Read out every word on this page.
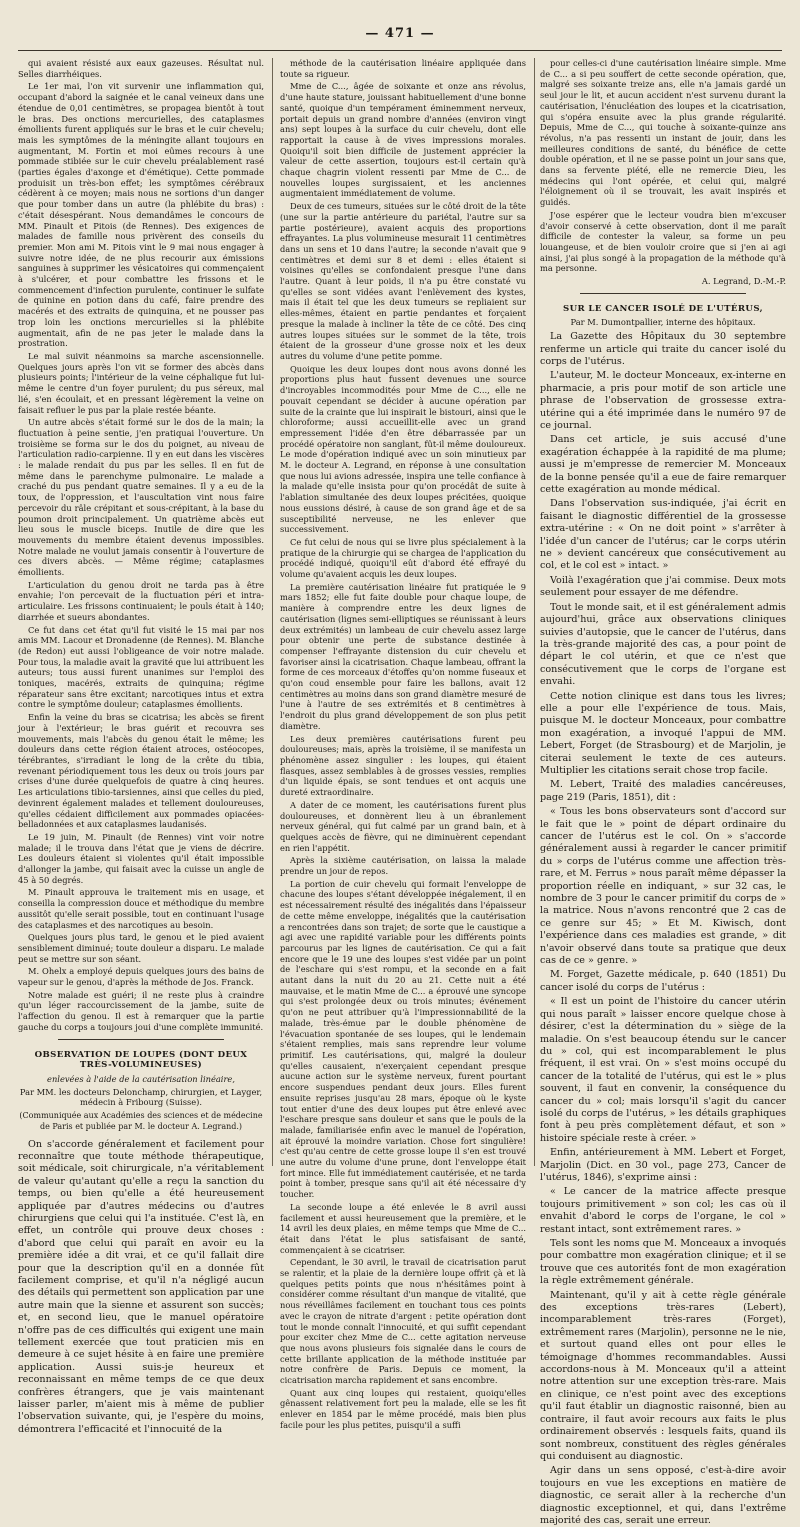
— 471 —

qui avaient résisté aux eaux gazeuses. Résultat nul. Selles diarrhéiques.

Le 1er mai, l'on vit survenir une inflammation qui, occupant d'abord la saignée et le canal veineux dans une étendue de 0,01 centimètres, se propagea bientôt à tout le bras. Des onctions mercurielles, des cataplasmes émollients furent appliqués sur le bras et le cuir chevelu; mais les symptômes de la méningite allant toujours en augmentant, M. Fortin et moi eûmes recours à une pommade stibiée sur le cuir chevelu préalablement rasé (parties égales d'axonge et d'émétique). Cette pommade produisit un très-bon effet; les symptômes cérébraux cédèrent à ce moyen; mais nous ne sortions d'un danger que pour tomber dans un autre (la phlébite du bras) : c'était désespérant. Nous demandâmes le concours de MM. Pinault et Pitois (de Rennes). Des exigences de malades de famille nous privèrent des conseils du premier. Mon ami M. Pitois vint le 9 mai nous engager à suivre notre idée, de ne plus recourir aux émissions sanguines à supprimer les vésicatoires qui commençaient à s'ulcérer, et pour combattre les frissons et le commencement d'infection purulente, continuer le sulfate de quinine en potion dans du café, faire prendre des macérés et des extraits de quinquina, et ne pousser pas trop loin les onctions mercurielles si la phlébite augmentait, afin de ne pas jeter le malade dans la prostration.

Le mal suivit néanmoins sa marche ascensionnelle. Quelques jours après l'on vit se former des abcès dans plusieurs points; l'intérieur de la veine céphalique fut lui-même le centre d'un foyer purulent; du pus séreux, mal lié, s'en écoulait, et en pressant légèrement la veine on faisait refluer le pus par la plaie restée béante.

Un autre abcès s'était formé sur le dos de la main; la fluctuation à peine sentie, j'en pratiquai l'ouverture. Un troisième se forma sur le dos du poignet, au niveau de l'articulation radio-carpienne. Il y en eut dans les viscères : le malade rendait du pus par les selles. Il en fut de même dans le parenchyme pulmonaire. Le malade a craché du pus pendant quatre semaines. Il y a eu de la toux, de l'oppression, et l'auscultation vint nous faire percevoir du râle crépitant et sous-crépitant, à la base du poumon droit principalement. Un quatrième abcès eut lieu sous le muscle biceps. Inutile de dire que les mouvements du membre étaient devenus impossibles. Notre malade ne voulut jamais consentir à l'ouverture de ces divers abcès. — Même régime; cataplasmes émollients.

L'articulation du genou droit ne tarda pas à être envahie; l'on percevait de la fluctuation péri et intra-articulaire. Les frissons continuaient; le pouls était à 140; diarrhée et sueurs abondantes.

Ce fut dans cet état qu'il fut visité le 15 mai par nos amis MM. Lacour et Dronadenne (de Rennes). M. Blanche (de Redon) eut aussi l'obligeance de voir notre malade. Pour tous, la maladie avait la gravité que lui attribuent les auteurs; tous aussi furent unanimes sur l'emploi des toniques, macérés, extraits de quinquina; régime réparateur sans être excitant; narcotiques intus et extra contre le symptôme douleur; cataplasmes émollients.

Enfin la veine du bras se cicatrisa; les abcès se firent jour à l'extérieur; le bras guérit et recouvra ses mouvements, mais l'abcès du genou était le même; les douleurs dans cette région étaient atroces, ostéocopes, térébrantes, s'irradiant le long de la crête du tibia, revenant périodiquement tous les deux ou trois jours par crises d'une durée quelquefois de quatre à cinq heures. Les articulations tibio-tarsiennes, ainsi que celles du pied, devinrent également malades et tellement douloureuses, qu'elles cédaient difficilement aux pommades opiacées-belladonnées et aux cataplasmes laudanisés.

Le 19 juin, M. Pinault (de Rennes) vint voir notre malade; il le trouva dans l'état que je viens de décrire. Les douleurs étaient si violentes qu'il était impossible d'allonger la jambe, qui faisait avec la cuisse un angle de 45 à 50 degrés.

M. Pinault approuva le traitement mis en usage, et conseilla la compression douce et méthodique du membre aussitôt qu'elle serait possible, tout en continuant l'usage des cataplasmes et des narcotiques au besoin.

Quelques jours plus tard, le genou et le pied avaient sensiblement diminué; toute douleur a disparu. Le malade peut se mettre sur son séant.

M. Ohelx a employé depuis quelques jours des bains de vapeur sur le genou, d'après la méthode de Jos. Franck.

Notre malade est guéri; il ne reste plus à craindre qu'un léger raccourcissement de la jambe, suite de l'affection du genou. Il est à remarquer que la partie gauche du corps a toujours joui d'une complète immunité.

OBSERVATION DE LOUPES (DONT DEUX TRÈS-VOLUMINEUSES)

enlevées à l'aide de la cautérisation linéaire,

Par MM. les docteurs Delonchamp, chirurgien, et Layger, médecin à Fribourg (Suisse).

(Communiquée aux Académies des sciences et de médecine de Paris et publiée par M. le docteur A. Legrand.)

On s'accorde généralement et facilement pour reconnaître que toute méthode thérapeutique, soit médicale, soit chirurgicale, n'a véritablement de valeur qu'autant qu'elle a reçu la sanction du temps, ou bien qu'elle a été heureusement appliquée par d'autres médecins ou d'autres chirurgiens que celui qui l'a instituée. C'est là, en effet, un contrôle qui prouve deux choses : d'abord que celui qui paraît en avoir eu la première idée a dit vrai, et ce qu'il fallait dire pour que la description qu'il en a donnée fût facilement comprise, et qu'il n'a négligé aucun des détails qui permettent son application par une autre main que la sienne et assurent son succès; et, en second lieu, que le manuel opératoire n'offre pas de ces difficultés qui exigent une main tellement exercée que tout praticien mis en demeure à ce sujet hésite à en faire une première application. Aussi suis-je heureux et reconnaissant en même temps de ce que deux confrères étrangers, que je vais maintenant laisser parler, m'aient mis à même de publier l'observation suivante, qui, je l'espère du moins, démontrera l'efficacité et l'innocuité de la

méthode de la cautérisation linéaire appliquée dans toute sa rigueur.

Mme de C..., âgée de soixante et onze ans révolus, d'une haute stature, jouissant habituellement d'une bonne santé, quoique d'un tempérament éminemment nerveux, portait depuis un grand nombre d'années (environ vingt ans) sept loupes à la surface du cuir chevelu, dont elle rapportait la cause à de vives impressions morales. Quoiqu'il soit bien difficile de justement apprécier la valeur de cette assertion, toujours est-il certain qu'à chaque chagrin violent ressenti par Mme de C... de nouvelles loupes surgissaient, et les anciennes augmentaient immédiatement de volume.

Deux de ces tumeurs, situées sur le côté droit de la tête (une sur la partie antérieure du pariétal, l'autre sur sa partie postérieure), avaient acquis des proportions effrayantes. La plus volumineuse mesurait 11 centimètres dans un sens et 10 dans l'autre; la seconde n'avait que 9 centimètres et demi sur 8 et demi : elles étaient si voisines qu'elles se confondaient presque l'une dans l'autre. Quant à leur poids, il n'a pu être constaté vu qu'elles se sont vidées avant l'enlèvement des kystes, mais il était tel que les deux tumeurs se repliaient sur elles-mêmes, étaient en partie pendantes et forçaient presque la malade à incliner la tête de ce côté. Des cinq autres loupes situées sur le sommet de la tête, trois étaient de la grosseur d'une grosse noix et les deux autres du volume d'une petite pomme.

Quoique les deux loupes dont nous avons donné les proportions plus haut fussent devenues une source d'incroyables incommodités pour Mme de C..., elle ne pouvait cependant se décider à aucune opération par suite de la crainte que lui inspirait le bistouri, ainsi que le chloroforme; aussi accueillit-elle avec un grand empressement l'idée d'en être débarrassée par un procédé opératoire non sanglant, fût-il même douloureux. Le mode d'opération indiqué avec un soin minutieux par M. le docteur A. Legrand, en réponse à une consultation que nous lui avions adressée, inspira une telle confiance à la malade qu'elle insista pour qu'on procédât de suite à l'ablation simultanée des deux loupes précitées, quoique nous eussions désiré, à cause de son grand âge et de sa susceptibilité nerveuse, ne les enlever que successivement.

Ce fut celui de nous qui se livre plus spécialement à la pratique de la chirurgie qui se chargea de l'application du procédé indiqué, quoiqu'il eût d'abord été effrayé du volume qu'avaient acquis les deux loupes.

La première cautérisation linéaire fut pratiquée le 9 mars 1852; elle fut faite double pour chaque loupe, de manière à comprendre entre les deux lignes de cautérisation (lignes semi-elliptiques se réunissant à leurs deux extrémités) un lambeau de cuir chevelu assez large pour obtenir une perte de substance destinée à compenser l'effrayante distension du cuir chevelu et favoriser ainsi la cicatrisation. Chaque lambeau, offrant la forme de ces morceaux d'étoffes qu'on nomme fuseaux et qu'on coud ensemble pour faire les ballons, avait 12 centimètres au moins dans son grand diamètre mesuré de l'une à l'autre de ses extrémités et 8 centimètres à l'endroit du plus grand développement de son plus petit diamètre.

Les deux premières cautérisations furent peu douloureuses; mais, après la troisième, il se manifesta un phénomène assez singulier : les loupes, qui étaient flasques, assez semblables à de grosses vessies, remplies d'un liquide épais, se sont tendues et ont acquis une dureté extraordinaire.

A dater de ce moment, les cautérisations furent plus douloureuses, et donnèrent lieu à un ébranlement nerveux général, qui fut calmé par un grand bain, et à quelques accès de fièvre, qui ne diminuèrent cependant en rien l'appétit.

Après la sixième cautérisation, on laissa la malade prendre un jour de repos.

La portion de cuir chevelu qui formait l'enveloppe de chacune des loupes s'étant développée inégalement, il en est nécessairement résulté des inégalités dans l'épaisseur de cette même enveloppe, inégalités que la cautérisation a rencontrées dans son trajet; de sorte que le caustique a agi avec une rapidité variable pour les différents points parcourus par les lignes de cautérisation. Ce qui a fait encore que le 19 une des loupes s'est vidée par un point de l'eschare qui s'est rompu, et la seconde en a fait autant dans la nuit du 20 au 21. Cette nuit a été mauvaise, et le matin Mme de C... a éprouvé une syncope qui s'est prolongée deux ou trois minutes; événement qu'on ne peut attribuer qu'à l'impressionnabilité de la malade, très-émue par le double phénomène de l'évacuation spontanée de ses loupes, qui le lendemain s'étaient remplies, mais sans reprendre leur volume primitif. Les cautérisations, qui, malgré la douleur qu'elles causaient, n'exerçaient cependant presque aucune action sur le système nerveux, furent pourtant encore suspendues pendant deux jours. Elles furent ensuite reprises jusqu'au 28 mars, époque où le kyste tout entier d'une des deux loupes put être enlevé avec l'eschare presque sans douleur et sans que le pouls de la malade, familiarisée enfin avec le manuel de l'opération, ait éprouvé la moindre variation. Chose fort singulière! c'est qu'au centre de cette grosse loupe il s'en est trouvé une autre du volume d'une prune, dont l'enveloppe était fort mince. Elle fut immédiatement cautérisée, et ne tarda point à tomber, presque sans qu'il ait été nécessaire d'y toucher.

La seconde loupe a été enlevée le 8 avril aussi facilement et aussi heureusement que la première, et le 14 avril les deux plaies, en même temps que Mme de C... était dans l'état le plus satisfaisant de santé, commençaient à se cicatriser.

Cependant, le 30 avril, le travail de cicatrisation parut se ralentir, et la plaie de la dernière loupe offrit çà et là quelques petits points que nous n'hésitâmes point à considérer comme résultant d'un manque de vitalité, que nous réveillâmes facilement en touchant tous ces points avec le crayon de nitrate d'argent : petite opération dont tout le monde connaît l'innocuité, et qui suffit cependant pour exciter chez Mme de C... cette agitation nerveuse que nous avons plusieurs fois signalée dans le cours de cette brillante application de la méthode instituée par notre confrère de Paris. Depuis ce moment, la cicatrisation marcha rapidement et sans encombre.

Quant aux cinq loupes qui restaient, quoiqu'elles gênassent relativement fort peu la malade, elle se les fit enlever en 1854 par le même procédé, mais bien plus facile pour les plus petites, puisqu'il a suffi

pour celles-ci d'une cautérisation linéaire simple. Mme de C... a si peu souffert de cette seconde opération, que, malgré ses soixante treize ans, elle n'a jamais gardé un seul jour le lit, et aucun accident n'est survenu durant la cautérisation, l'énucléation des loupes et la cicatrisation, qui s'opéra ensuite avec la plus grande régularité. Depuis, Mme de C..., qui touche à soixante-quinze ans révolus, n'a pas ressenti un instant de jouir, dans les meilleures conditions de santé, du bénéfice de cette double opération, et il ne se passe point un jour sans que, dans sa fervente piété, elle ne remercie Dieu, les médecins qui l'ont opérée, et celui qui, malgré l'éloignement où il se trouvait, les avait inspirés et guidés.

J'ose espérer que le lecteur voudra bien m'excuser d'avoir conservé à cette observation, dont il me paraît difficile de contester la valeur, sa forme un peu louangeuse, et de bien vouloir croire que si j'en ai agi ainsi, j'ai plus songé à la propagation de la méthode qu'à ma personne.

A. Legrand, D.-M.-P.

SUR LE CANCER ISOLÉ DE L'UTÉRUS,

Par M. Dumontpallier, interne des hôpitaux.

La Gazette des Hôpitaux du 30 septembre renferme un article qui traite du cancer isolé du corps de l'utérus.

L'auteur, M. le docteur Monceaux, ex-interne en pharmacie, a pris pour motif de son article une phrase de l'observation de grossesse extra-utérine qui a été imprimée dans le numéro 97 de ce journal.

Dans cet article, je suis accusé d'une exagération échappée à la rapidité de ma plume; aussi je m'empresse de remercier M. Monceaux de la bonne pensée qu'il a eue de faire remarquer cette exagération au monde médical.

Dans l'observation sus-indiquée, j'ai écrit en faisant le diagnostic différentiel de la grossesse extra-utérine : « On ne doit point » s'arrêter à l'idée d'un cancer de l'utérus; car le corps utérin ne » devient cancéreux que consécutivement au col, et le col est » intact. »

Voilà l'exagération que j'ai commise. Deux mots seulement pour essayer de me défendre.

Tout le monde sait, et il est généralement admis aujourd'hui, grâce aux observations cliniques suivies d'autopsie, que le cancer de l'utérus, dans la très-grande majorité des cas, a pour point de départ le col utérin, et que ce n'est que consécutivement que le corps de l'organe est envahi.

Cette notion clinique est dans tous les livres; elle a pour elle l'expérience de tous. Mais, puisque M. le docteur Monceaux, pour combattre mon exagération, a invoqué l'appui de MM. Lebert, Forget (de Strasbourg) et de Marjolin, je citerai seulement le texte de ces auteurs. Multiplier les citations serait chose trop facile.

M. Lebert, Traité des maladies cancéreuses, page 219 (Paris, 1851), dit :

« Tous les bons observateurs sont d'accord sur le fait que le » point de départ ordinaire du cancer de l'utérus est le col. On » s'accorde généralement aussi à regarder le cancer primitif du » corps de l'utérus comme une affection très-rare, et M. Ferrus » nous paraît même dépasser la proportion réelle en indiquant, » sur 32 cas, le nombre de 3 pour le cancer primitif du corps de » la matrice. Nous n'avons rencontré que 2 cas de ce genre sur 45; » Et M. Kiwisch, dont l'expérience dans ces maladies est grande, » dit n'avoir observé dans toute sa pratique que deux cas de ce » genre. »

M. Forget, Gazette médicale, p. 640 (1851) Du cancer isolé du corps de l'utérus :

« Il est un point de l'histoire du cancer utérin qui nous paraît » laisser encore quelque chose à désirer, c'est la détermination du » siège de la maladie. On s'est beaucoup étendu sur le cancer du » col, qui est incomparablement le plus fréquent, il est vrai. On » s'est moins occupé du cancer de la totalité de l'utérus, qui est le » plus souvent, il faut en convenir, la conséquence du cancer du » col; mais lorsqu'il s'agit du cancer isolé du corps de l'utérus, » les détails graphiques font à peu près complètement défaut, et son » histoire spéciale reste à créer. »

Enfin, antérieurement à MM. Lebert et Forget, Marjolin (Dict. en 30 vol., page 273, Cancer de l'utérus, 1846), s'exprime ainsi :

« Le cancer de la matrice affecte presque toujours primitivement » son col; les cas où il envahit d'abord le corps de l'organe, le col » restant intact, sont extrêmement rares. »

Tels sont les noms que M. Monceaux a invoqués pour combattre mon exagération clinique; et il se trouve que ces autorités font de mon exagération la règle extrêmement générale.

Maintenant, qu'il y ait à cette règle générale des exceptions très-rares (Lebert), incomparablement très-rares (Forget), extrêmement rares (Marjolin), personne ne le nie, et surtout quand elles ont pour elles le témoignage d'hommes recommandables. Aussi accordons-nous à M. Monceaux qu'il a atteint notre attention sur une exception très-rare. Mais en clinique, ce n'est point avec des exceptions qu'il faut établir un diagnostic raisonné, bien au contraire, il faut avoir recours aux faits le plus ordinairement observés : lesquels faits, quand ils sont nombreux, constituent des règles générales qui conduisent au diagnostic.

Agir dans un sens opposé, c'est-à-dire avoir toujours en vue les exceptions en matière de diagnostic, ce serait aller à la recherche d'un diagnostic exceptionnel, et qui, dans l'extrême majorité des cas, serait une erreur.
